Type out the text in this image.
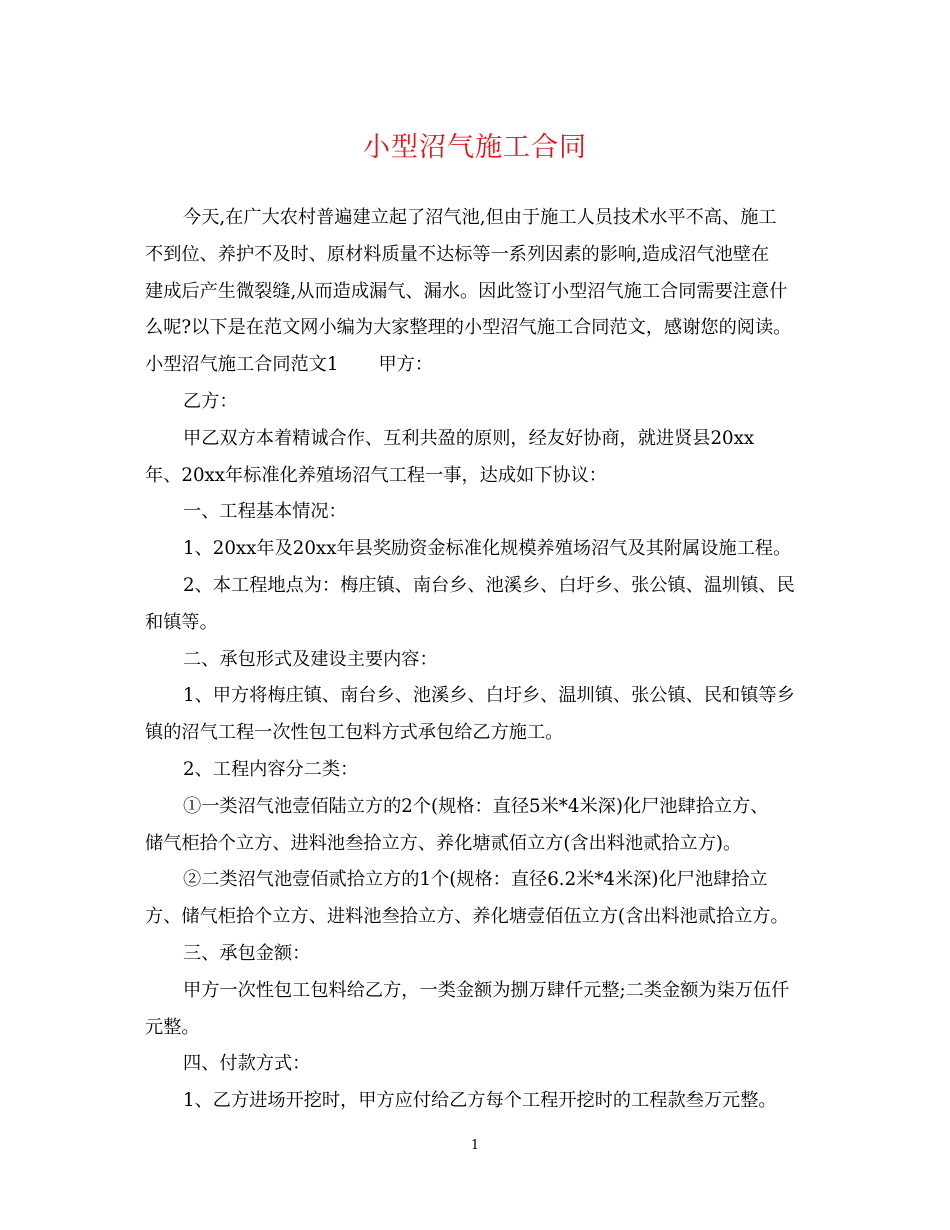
小型沼气施工合同

今天,在广大农村普遍建立起了沼气池,但由于施工人员技术水平不高、施工

不到位、养护不及时、原材料质量不达标等一系列因素的影响,造成沼气池壁在

建成后产生微裂缝,从而造成漏气、漏水。因此签订小型沼气施工合同需要注意什

么呢?以下是在范文网小编为大家整理的小型沼气施工合同范文，感谢您的阅读。

小型沼气施工合同范文1 甲方：

乙方：

甲乙双方本着精诚合作、互利共盈的原则，经友好协商，就进贤县20xx

年、20xx年标准化养殖场沼气工程一事，达成如下协议：

一、工程基本情况：

1、20xx年及20xx年县奖励资金标准化规模养殖场沼气及其附属设施工程。

2、本工程地点为：梅庄镇、南台乡、池溪乡、白圩乡、张公镇、温圳镇、民

和镇等。

二、承包形式及建设主要内容：

1、甲方将梅庄镇、南台乡、池溪乡、白圩乡、温圳镇、张公镇、民和镇等乡

镇的沼气工程一次性包工包料方式承包给乙方施工。

2、工程内容分二类：

①一类沼气池壹佰陆立方的2个(规格：直径5米*4米深)化尸池肆拾立方、

储气柜拾个立方、进料池叁拾立方、养化塘贰佰立方(含出料池贰拾立方)。

②二类沼气池壹佰贰拾立方的1个(规格：直径6.2米*4米深)化尸池肆拾立

方、储气柜拾个立方、进料池叁拾立方、养化塘壹佰伍立方(含出料池贰拾立方。

三、承包金额：

甲方一次性包工包料给乙方，一类金额为捌万肆仟元整;二类金额为柒万伍仟

元整。

四、付款方式：

1、乙方进场开挖时，甲方应付给乙方每个工程开挖时的工程款叁万元整。

1
